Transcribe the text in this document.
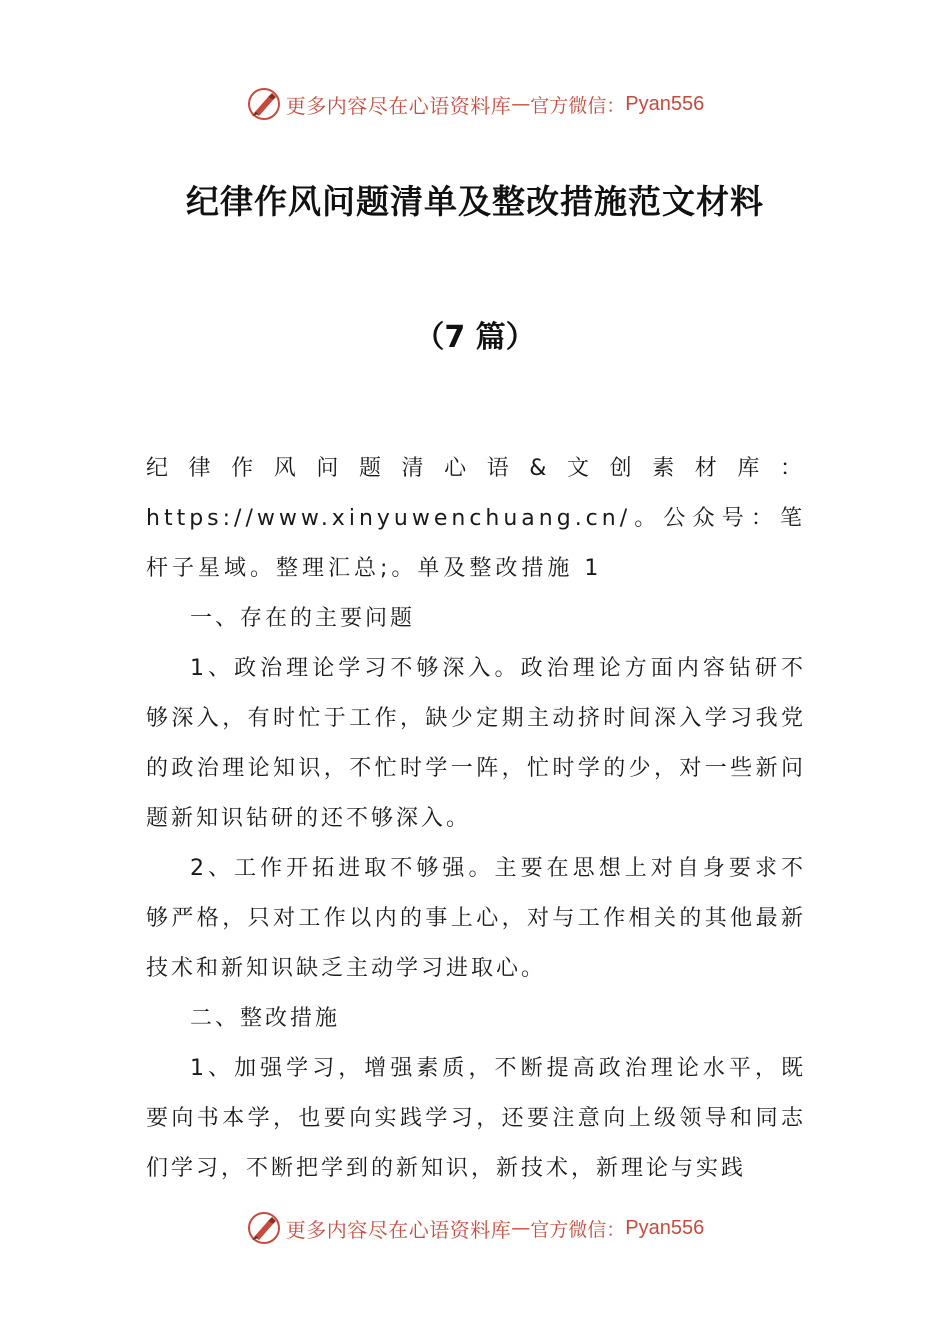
更多内容尽在心语资料库 — 官方微信： Pyan556
纪律作风问题清单及整改措施范文材料
（7 篇）

纪律作风问题清心语&文创素材库：https://www.xinyuwenchuang.cn/。公众号：笔杆子星域。整理汇总;。单及整改措施 1

一、存在的主要问题

1、政治理论学习不够深入。政治理论方面内容钻研不够深入，有时忙于工作，缺少定期主动挤时间深入学习我党的政治理论知识，不忙时学一阵，忙时学的少，对一些新问题新知识钻研的还不够深入。

2、工作开拓进取不够强。主要在思想上对自身要求不够严格，只对工作以内的事上心，对与工作相关的其他最新技术和新知识缺乏主动学习进取心。

二、整改措施

1、加强学习，增强素质，不断提高政治理论水平，既要向书本学，也要向实践学习，还要注意向上级领导和同志们学习，不断把学到的新知识，新技术，新理论与实践

更多内容尽在心语资料库 — 官方微信： Pyan556
